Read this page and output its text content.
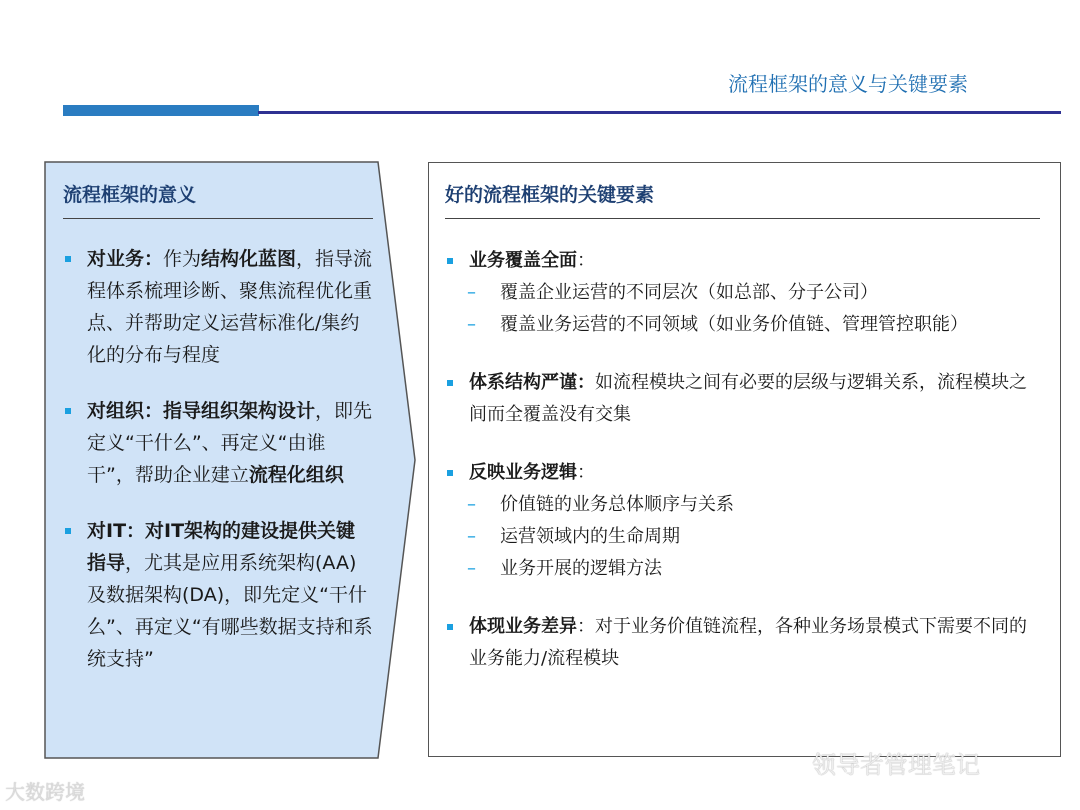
流程框架的意义与关键要素
流程框架的意义
对业务：作为结构化蓝图，指导流程体系梳理诊断、聚焦流程优化重点、并帮助定义运营标准化/集约化的分布与程度
对组织：指导组织架构设计，即先定义“干什么”、再定义“由谁干”，帮助企业建立流程化组织
对IT：对IT架构的建设提供关键指导，尤其是应用系统架构(AA)及数据架构(DA)，即先定义“干什么”、再定义“有哪些数据支持和系统支持”
好的流程框架的关键要素
业务覆盖全面：
– 覆盖企业运营的不同层次（如总部、分子公司）
– 覆盖业务运营的不同领域（如业务价值链、管理管控职能）
体系结构严谨：如流程模块之间有必要的层级与逻辑关系，流程模块之间而全覆盖没有交集
反映业务逻辑：
– 价值链的业务总体顺序与关系
– 运营领域内的生命周期
– 业务开展的逻辑方法
体现业务差异：对于业务价值链流程，各种业务场景模式下需要不同的业务能力/流程模块
大数跨境
领导者管理笔记
